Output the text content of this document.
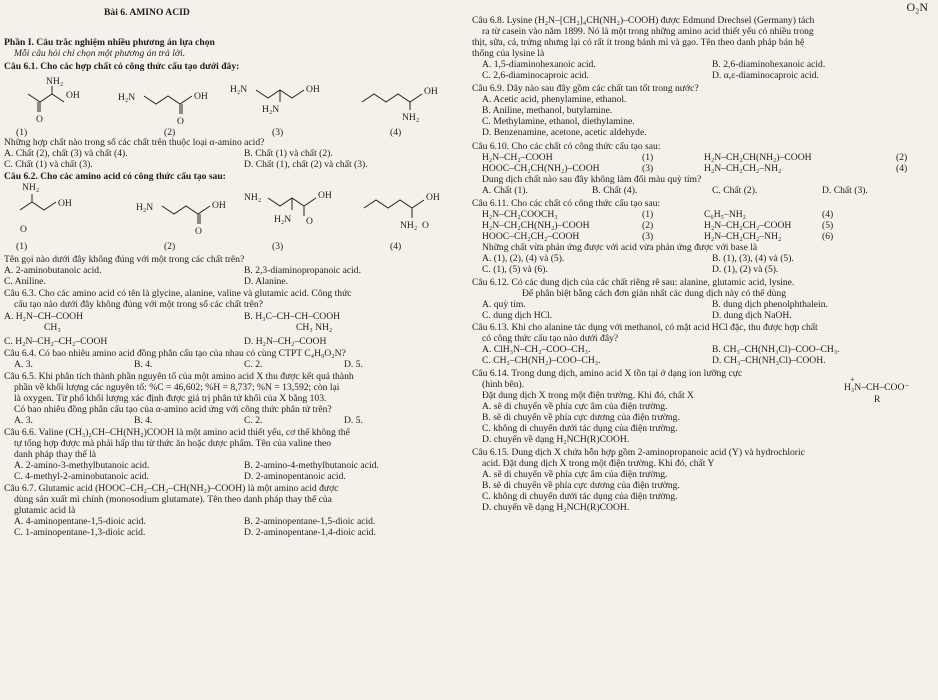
Bài 6. AMINO ACID
Phần I. Câu trắc nghiệm nhiều phương án lựa chọn
Mỗi câu hỏi chỉ chọn một phương án trả lời.
Câu 6.1. Cho các hợp chất có công thức cấu tạo dưới đây:
NH₂
OH
O
H₂N	OH
O
H₂N	OH
H₂N
OH
NH₂
(1)	(2)	(3)	(4)
Những hợp chất nào trong số các chất trên thuộc loại α-amino acid?
A. Chất (2), chất (3) và chất (4).	B. Chất (1) và chất (2).
C. Chất (1) và chất (3).	D. Chất (1), chất (2) và chất (3).
Câu 6.2. Cho các amino acid có công thức cấu tạo sau:
NH₂
OH
O
H₂N	OH
O
NH₂	OH
H₂N O
OH
NH₂ O
(1)	(2)	(3)	(4)
Tên gọi nào dưới đây không đúng với một trong các chất trên?
A. 2-aminobutanoic acid.	B. 2,3-diaminopropanoic acid.
C. Aniline.	D. Alanine.
Câu 6.3. Cho các amino acid có tên là glycine, alanine, valine và glutamic acid. Công thức
cấu tạo nào dưới đây không đúng với một trong số các chất trên?
A. H₂N–CH–COOH
CH₃
B. H₃C–CH–CH–COOH
CH₃ NH₂
C. H₂N–CH₂–CH₂–COOH	D. H₂N–CH₂–COOH
Câu 6.4. Có bao nhiêu amino acid đồng phân cấu tạo của nhau có cùng CTPT C₄H₉O₂N?
A. 3.	B. 4.	C. 2.	D. 5.
Câu 6.5. Khi phân tích thành phần nguyên tố của một amino acid X thu được kết quả thành
phần về khối lượng các nguyên tố: %C = 46,602; %H = 8,737; %N = 13,592; còn lại
là oxygen. Từ phổ khối lượng xác định được giá trị phân tử khối của X bằng 103.
Có bao nhiêu đồng phân cấu tạo của α-amino acid ứng với công thức phân tử trên?
A. 3.	B. 4.	C. 2.	D. 5.
Câu 6.6. Valine (CH₃)₂CH–CH(NH₂)COOH là một amino acid thiết yếu, cơ thể không thể
tự tổng hợp được mà phải hấp thu từ thức ăn hoặc dược phẩm. Tên của valine theo
danh pháp thay thế là
A. 2-amino-3-methylbutanoic acid.	B. 2-amino-4-methylbutanoic acid.
C. 4-methyl-2-aminobutanoic acid.	D. 2-aminopentanoic acid.
Câu 6.7. Glutamic acid (HOOC–CH₂–CH₂–CH(NH₂)–COOH) là một amino acid được
dùng sản xuất mì chính (monosodium glutamate). Tên theo danh pháp thay thế của
glutamic acid là
A. 4-aminopentane-1,5-dioic acid.	B. 2-aminopentane-1,5-dioic acid.
C. 1-aminopentane-1,3-dioic acid.	D. 2-aminopentane-1,4-dioic acid.
O₂N
Câu 6.8. Lysine (H₂N–[CH₂]₄CH(NH₂)–COOH) được Edmund Drechsel (Germany) tách
ra từ casein vào năm 1899. Nó là một trong những amino acid thiết yếu có nhiều trong
thịt, sữa, cá, trứng nhưng lại có rất ít trong bánh mì và gạo. Tên theo danh pháp bán hệ
thống của lysine là
A. 1,5-diaminohexanoic acid.	B. 2,6-diaminohexanoic acid.
C. 2,6-diaminocaproic acid.	D. α,ε-diaminocaproic acid.
Câu 6.9. Dãy nào sau đây gồm các chất tan tốt trong nước?
A. Acetic acid, phenylamine, ethanol.
B. Aniline, methanol, butylamine.
C. Methylamine, ethanol, diethylamine.
D. Benzenamine, acetone, acetic aldehyde.
Câu 6.10. Cho các chất có công thức cấu tạo sau:
H₂N–CH₂–COOH	(1)	H₂N–CH₂CH(NH₂)–COOH	(2)
HOOC–CH₂CH(NH₂)–COOH	(3)	H₂N–CH₂CH₂–NH₂	(4)
Dung dịch chất nào sau đây không làm đổi màu quỳ tím?
A. Chất (1).	B. Chất (4).	C. Chất (2).	D. Chất (3).
Câu 6.11. Cho các chất có công thức cấu tạo sau:
H₂N–CH₂COOCH₃	(1)	C₆H₅–NH₂	(4)
H₂N–CH₂CH(NH₂)–COOH	(2)	H₂N–CH₂CH₂–COOH	(5)
HOOC–CH₂CH₂–COOH	(3)	H₂N–CH₂CH₂–NH₂	(6)
Những chất vừa phản ứng được với acid vừa phản ứng được với base là
A. (1), (2), (4) và (5).	B. (1), (3), (4) và (5).
C. (1), (5) và (6).	D. (1), (2) và (5).
Câu 6.12. Có các dung dịch của các chất riêng rẽ sau: alanine, glutamic acid, lysine.
Để phân biệt bằng cách đơn giản nhất các dung dịch này có thể dùng
A. quỳ tím.	B. dung dịch phenolphthalein.
C. dung dịch HCl.	D. dung dịch NaOH.
Câu 6.13. Khi cho alanine tác dụng với methanol, có mặt acid HCl đặc, thu được hợp chất
có công thức cấu tạo nào dưới đây?
A. ClH₃N–CH₂–COO–CH₃.	B. CH₃–CH(NH₃Cl)–COO–CH₃.
C. CH₃–CH(NH₂)–COO–CH₃.	D. CH₃–CH(NH₃Cl)–COOH.
Câu 6.14. Trong dung dịch, amino acid X tồn tại ở dạng ion lưỡng cực
(hình bên).	+
H₃N–CH–COO⁻
R
Đặt dung dịch X trong một điện trường. Khi đó, chất X
A. sẽ di chuyển về phía cực âm của điện trường.
B. sẽ di chuyển về phía cực dương của điện trường.
C. không di chuyển dưới tác dụng của điện trường.
D. chuyển về dạng H₂NCH(R)COOH.
Câu 6.15. Dung dịch X chứa hỗn hợp gồm 2-aminopropanoic acid (Y) và hydrochloric
acid. Đặt dung dịch X trong một điện trường. Khi đó, chất Y
A. sẽ di chuyển về phía cực âm của điện trường.
B. sẽ di chuyển về phía cực dương của điện trường.
C. không di chuyển dưới tác dụng của điện trường.
D. chuyển về dạng H₂NCH(R)COOH.
